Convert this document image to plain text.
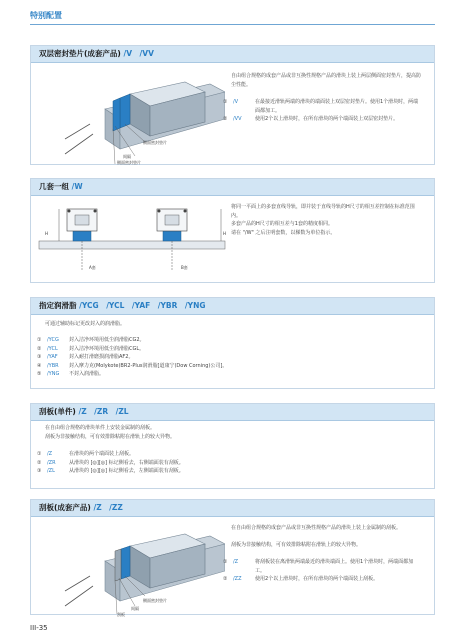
特别配置
双层密封垫片(成套产品) /V　/VV
侧面密封垫片
间隔
侧面密封垫片
自由组合规格的成套产品或非互换性规格产品的滑块上装上两层侧面密封垫片，提高防尘性能。
①	/V	在最接近滑轨两端的滑块的端面装上双层密封垫片。使用1个滑块时，两端面都加工。
②	/VV	使用2个以上滑块时，在所有滑块的两个端面装上双层密封垫片。
几套一组 /W
H	H
A套	B套
将同一平面上的多套直线导轨，即并装于直线导轨的H尺寸的相互差控制在标准范围内。
多套产品的H尺寸的相互差与1套的精度相同。
请在 "/W" 之后注明套数，以梯数为单位指示。
指定润滑脂 /YCG　/YCL　/YAF　/YBR　/YNG
可通过辅助标记更改封入的润滑脂。
①	/YCG	封入洁净环境用低尘润滑脂CG2。
②	/YCL	封入洁净环境用低尘润滑脂CGL。
③	/YAF	封入耐打滑磨损润滑脂AF2。
④	/YBR	封入摩力克(Molykote)BR2-Plus润滑脂[道康宁(Dow Corning)公司]。
⑤	/YNG	不封入润滑脂。
刮板(单件) /Z　/ZR　/ZL
在自由组合规格的滑块单件上安装金属制的刮板。
刮板为非接触结构，可有效排除粘附在滑轨上的较大异物。
①	/Z	在滑块的两个端面装上刮板。
②	/ZR	从滑块的 [◎][◎] 标记侧看去，右侧端面装有刮板。
③	/ZL	从滑块的 [◎][◎] 标记侧看去，左侧端面装有刮板。
刮板(成套产品) /Z　/ZZ
侧面密封垫片
间隔
刮板
在自由组合规格的成套产品或非互换性规格产品的滑块上装上金属制的刮板。
刮板为非接触结构，可有效排除粘附在滑轨上的较大异物。
①	/Z	将刮板装在离滑轨两端最近的滑块端面上。使用1个滑块时，两端面都加工。
②	/ZZ	使用2个以上滑块时，在所有滑块的两个端面装上刮板。
III-35
